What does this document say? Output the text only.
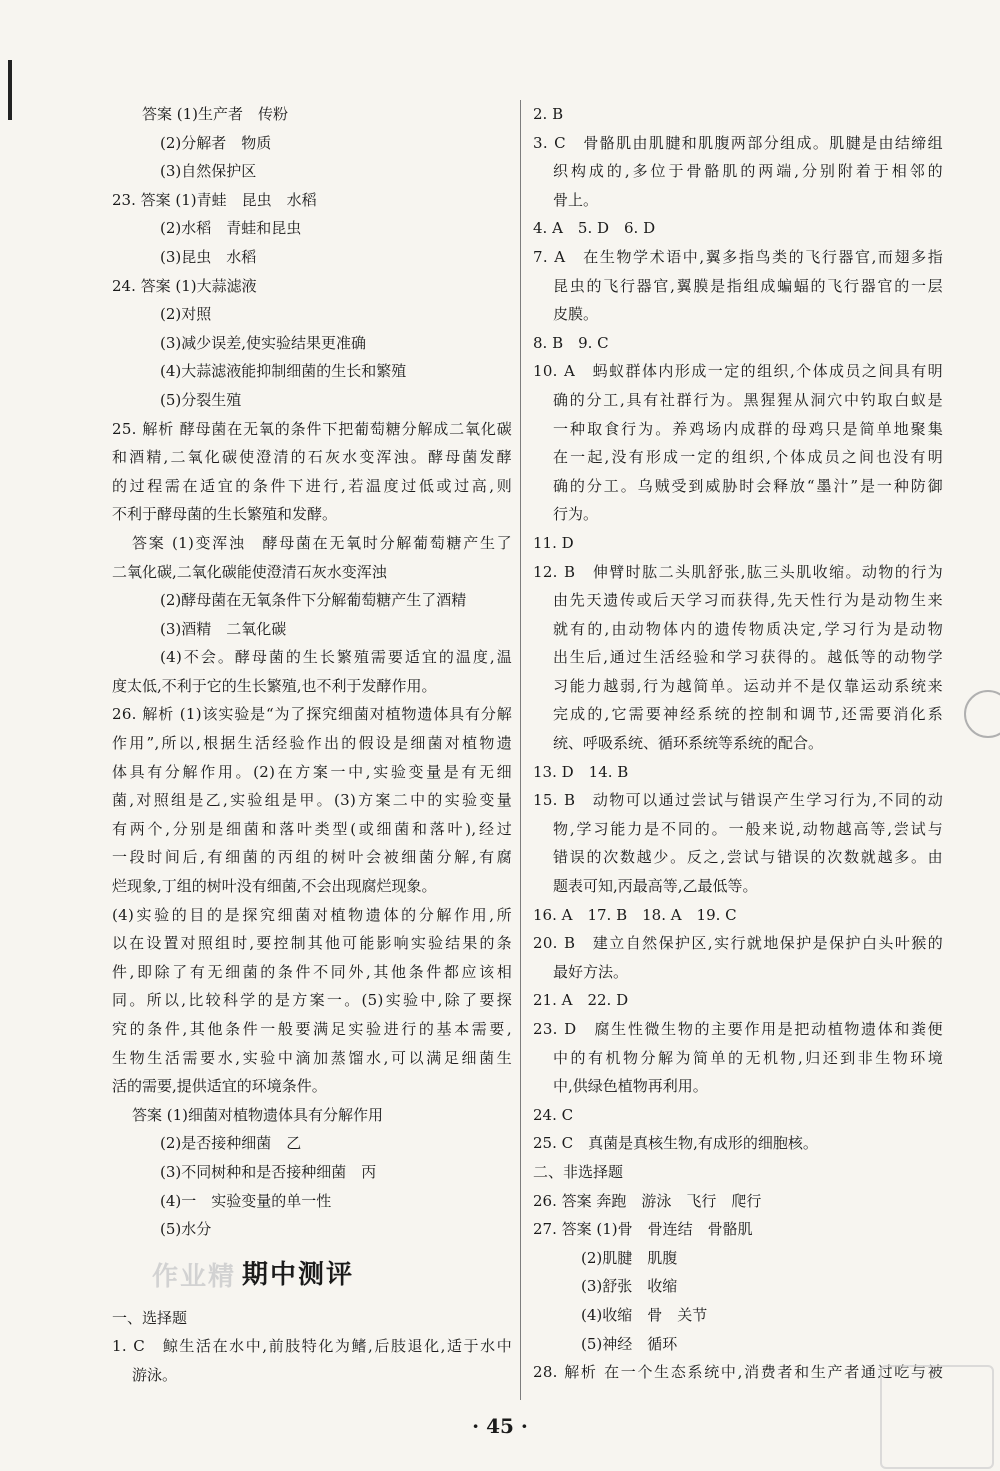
答案 (1)生产者　传粉
(2)分解者　物质
(3)自然保护区
23. 答案 (1)青蛙　昆虫　水稻
(2)水稻　青蛙和昆虫
(3)昆虫　水稻
24. 答案 (1)大蒜滤液
(2)对照
(3)减少误差,使实验结果更准确
(4)大蒜滤液能抑制细菌的生长和繁殖
(5)分裂生殖
25. 解析 酵母菌在无氧的条件下把葡萄糖分解成二氧化碳
和酒精,二氧化碳使澄清的石灰水变浑浊。酵母菌发酵
的过程需在适宜的条件下进行,若温度过低或过高,则
不利于酵母菌的生长繁殖和发酵。
答案 (1)变浑浊　酵母菌在无氧时分解葡萄糖产生了
二氧化碳,二氧化碳能使澄清石灰水变浑浊
(2)酵母菌在无氧条件下分解葡萄糖产生了酒精
(3)酒精　二氧化碳
(4)不会。酵母菌的生长繁殖需要适宜的温度,温
度太低,不利于它的生长繁殖,也不利于发酵作用。
26. 解析 (1)该实验是“为了探究细菌对植物遗体具有分解
作用”,所以,根据生活经验作出的假设是细菌对植物遗
体具有分解作用。(2)在方案一中,实验变量是有无细
菌,对照组是乙,实验组是甲。(3)方案二中的实验变量
有两个,分别是细菌和落叶类型(或细菌和落叶),经过
一段时间后,有细菌的丙组的树叶会被细菌分解,有腐
烂现象,丁组的树叶没有细菌,不会出现腐烂现象。
(4)实验的目的是探究细菌对植物遗体的分解作用,所
以在设置对照组时,要控制其他可能影响实验结果的条
件,即除了有无细菌的条件不同外,其他条件都应该相
同。所以,比较科学的是方案一。(5)实验中,除了要探
究的条件,其他条件一般要满足实验进行的基本需要,
生物生活需要水,实验中滴加蒸馏水,可以满足细菌生
活的需要,提供适宜的环境条件。
答案 (1)细菌对植物遗体具有分解作用
(2)是否接种细菌　乙
(3)不同树种和是否接种细菌　丙
(4)一　实验变量的单一性
(5)水分
作业精 期中测评
一、选择题
1. C　鲸生活在水中,前肢特化为鳍,后肢退化,适于水中
游泳。
2. B
3. C　骨骼肌由肌腱和肌腹两部分组成。肌腱是由结缔组
织构成的,多位于骨骼肌的两端,分别附着于相邻的
骨上。
4. A　5. D　6. D
7. A　在生物学术语中,翼多指鸟类的飞行器官,而翅多指
昆虫的飞行器官,翼膜是指组成蝙蝠的飞行器官的一层
皮膜。
8. B　9. C
10. A　蚂蚁群体内形成一定的组织,个体成员之间具有明
确的分工,具有社群行为。黑猩猩从洞穴中钓取白蚁是
一种取食行为。养鸡场内成群的母鸡只是简单地聚集
在一起,没有形成一定的组织,个体成员之间也没有明
确的分工。乌贼受到威胁时会释放“墨汁”是一种防御
行为。
11. D
12. B　伸臂时肱二头肌舒张,肱三头肌收缩。动物的行为
由先天遗传或后天学习而获得,先天性行为是动物生来
就有的,由动物体内的遗传物质决定,学习行为是动物
出生后,通过生活经验和学习获得的。越低等的动物学
习能力越弱,行为越简单。运动并不是仅靠运动系统来
完成的,它需要神经系统的控制和调节,还需要消化系
统、呼吸系统、循环系统等系统的配合。
13. D　14. B
15. B　动物可以通过尝试与错误产生学习行为,不同的动
物,学习能力是不同的。一般来说,动物越高等,尝试与
错误的次数越少。反之,尝试与错误的次数就越多。由
题表可知,丙最高等,乙最低等。
16. A　17. B　18. A　19. C
20. B　建立自然保护区,实行就地保护是保护白头叶猴的
最好方法。
21. A　22. D
23. D　腐生性微生物的主要作用是把动植物遗体和粪便
中的有机物分解为简单的无机物,归还到非生物环境
中,供绿色植物再利用。
24. C
25. C　真菌是真核生物,有成形的细胞核。
二、非选择题
26. 答案 奔跑　游泳　飞行　爬行
27. 答案 (1)骨　骨连结　骨骼肌
(2)肌腱　肌腹
(3)舒张　收缩
(4)收缩　骨　关节
(5)神经　循环
28. 解析 在一个生态系统中,消费者和生产者通过吃与被
· 45 ·
